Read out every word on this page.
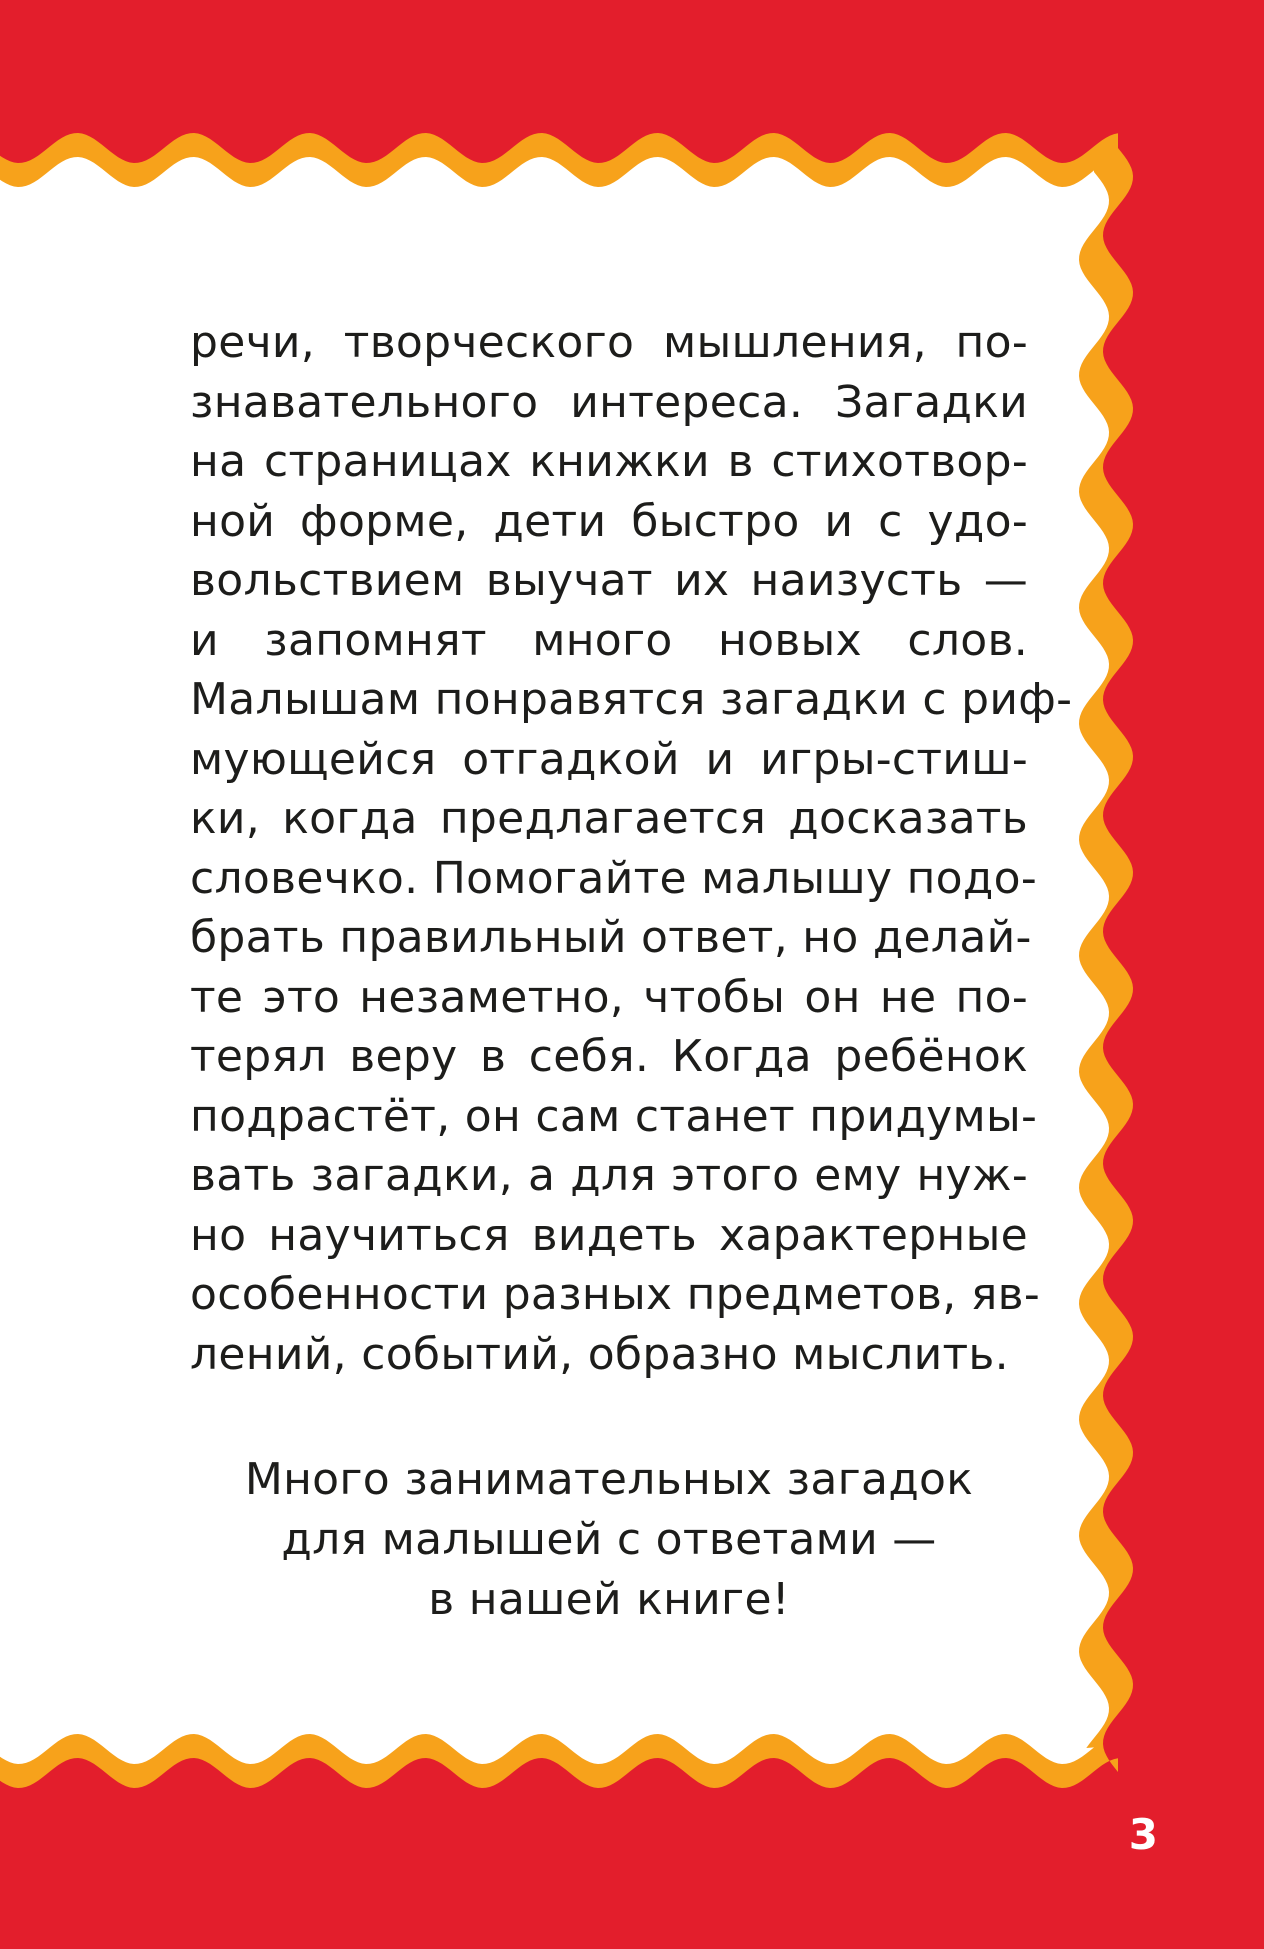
речи, творческого мышления, по-
знавательного интереса. Загадки
на страницах книжки в стихотвор-
ной форме, дети быстро и с удо-
вольствием выучат их наизусть —
и запомнят много новых слов.
Малышам понравятся загадки с риф-
мующейся отгадкой и игры-стиш-
ки, когда предлагается досказать
словечко. Помогайте малышу подо-
брать правильный ответ, но делай-
те это незаметно, чтобы он не по-
терял веру в себя. Когда ребёнок
подрастёт, он сам станет придумы-
вать загадки, а для этого ему нуж-
но научиться видеть характерные
особенности разных предметов, яв-
лений, событий, образно мыслить.
Много занимательных загадок
для малышей с ответами —
в нашей книге!
3
